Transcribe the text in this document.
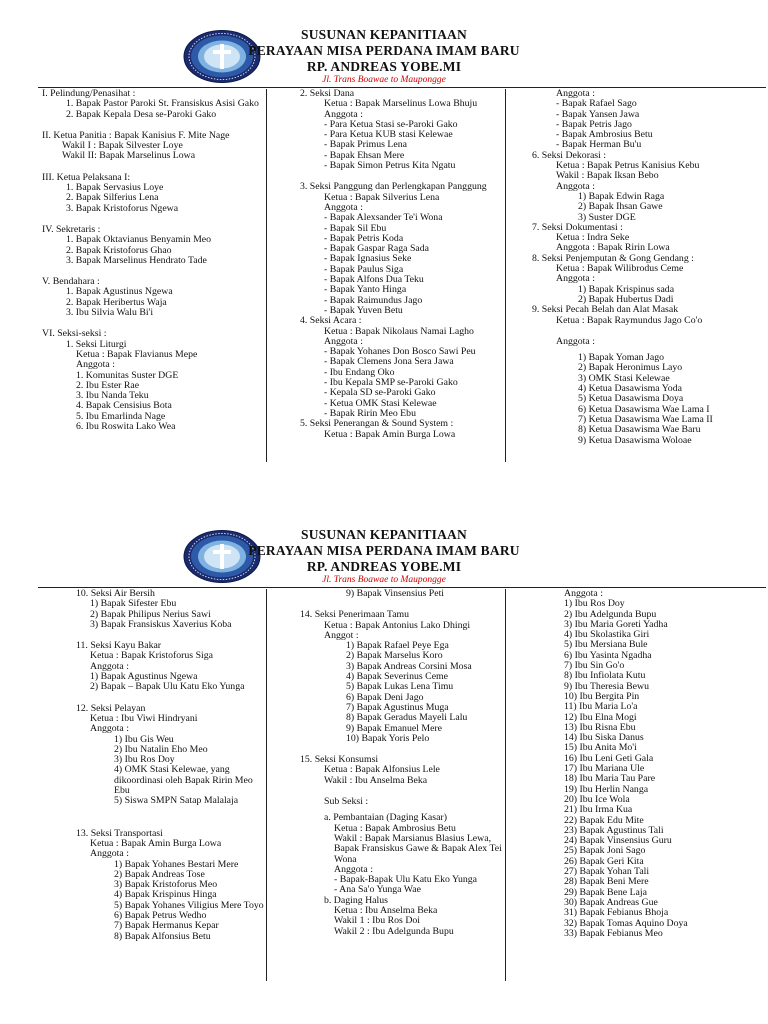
SUSUNAN KEPANITIAAN
PERAYAAN MISA PERDANA IMAM BARU
RP. ANDREAS YOBE.MI
Jl. Trans Boawae to Maupongge
I. Pelindung/Penasihat :
1. Bapak Pastor Paroki St. Fransiskus Asisi Gako
2. Bapak Kepala Desa se-Paroki Gako
II. Ketua Panitia : Bapak Kanisius F. Mite Nage
Wakil I : Bapak Silvester Loye
Wakil II: Bapak Marselinus Lowa
III. Ketua Pelaksana I:
1. Bapak Servasius Loye
2. Bapak Silferius Lena
3. Bapak Kristoforus Ngewa
IV. Sekretaris :
1. Bapak Oktavianus Benyamin Meo
2. Bapak Kristoforus Ghao
3. Bapak Marselinus Hendrato Tade
V. Bendahara :
1. Bapak Agustinus Ngewa
2. Bapak Heribertus Waja
3. Ibu Silvia Walu Bi'i
VI. Seksi-seksi :
1. Seksi Liturgi
Ketua : Bapak Flavianus Mepe
Anggota :
1. Komunitas Suster DGE
2. Ibu Ester Rae
3. Ibu Nanda Teku
4. Bapak Censisius Bota
5. Ibu Emarlinda Nage
6. Ibu Roswita Lako Wea
2. Seksi Dana
Ketua : Bapak Marselinus Lowa Bhuju
Anggota :
- Para Ketua Stasi se-Paroki Gako
- Para Ketua KUB stasi Kelewae
- Bapak Primus Lena
- Bapak Ehsan Mere
- Bapak Simon Petrus Kita Ngatu
3. Seksi Panggung dan Perlengkapan Panggung
Ketua : Bapak Silverius Lena
Anggota :
- Bapak Alexsander Te'i Wona
- Bapak Sil Ebu
- Bapak Petris Koda
- Bapak Gaspar Raga Sada
- Bapak Ignasius Seke
- Bapak Paulus Siga
- Bapak Alfons Dua Teku
- Bapak Yanto Hinga
- Bapak Raimundus Jago
- Bapak Yuven Betu
4. Seksi Acara :
Ketua : Bapak Nikolaus Namai Lagho
Anggota :
- Bapak Yohanes Don Bosco Sawi Peu
- Bapak Clemens Jona Sera Jawa
- Ibu Endang Oko
- Ibu Kepala SMP se-Paroki Gako
- Kepala SD se-Paroki Gako
- Ketua OMK Stasi Kelewae
- Bapak Ririn Meo Ebu
5. Seksi Penerangan & Sound System :
Ketua : Bapak Amin Burga Lowa
Anggota :
- Bapak Rafael Sago
- Bapak Yansen Jawa
- Bapak Petris Jago
- Bapak Ambrosius Betu
- Bapak Herman Bu'u
6. Seksi Dekorasi :
Ketua : Bapak Petrus Kanisius Kebu
Wakil : Bapak Iksan Bebo
Anggota :
1) Bapak Edwin Raga
2) Bapak Ihsan Gawe
3) Suster DGE
7. Seksi Dokumentasi :
Ketua : Indra Seke
Anggota : Bapak Ririn Lowa
8. Seksi Penjemputan & Gong Gendang :
Ketua : Bapak Wilibrodus Ceme
Anggota :
1) Bapak Krispinus sada
2) Bapak Hubertus Dadi
9. Seksi Pecah Belah dan Alat Masak
Ketua : Bapak Raymundus Jago Co'o
Anggota :
1) Bapak Yoman Jago
2) Bapak Heronimus Layo
3) OMK Stasi Kelewae
4) Ketua Dasawisma Yoda
5) Ketua Dasawisma Doya
6) Ketua Dasawisma Wae Lama I
7) Ketua Dasawisma Wae Lama II
8) Ketua Dasawisma Wae Baru
9) Ketua Dasawisma Woloae
SUSUNAN KEPANITIAAN
PERAYAAN MISA PERDANA IMAM BARU
RP. ANDREAS YOBE.MI
Jl. Trans Boawae to Maupongge
10. Seksi Air Bersih
1) Bapak Sifester Ebu
2) Bapak Philipus Nerius Sawi
3) Bapak Fransiskus Xaverius Koba
11. Seksi Kayu Bakar
Ketua : Bapak Kristoforus Siga
Anggota :
1) Bapak Agustinus Ngewa
2) Bapak – Bapak Ulu Katu Eko Yunga
12. Seksi Pelayan
Ketua : Ibu Viwi Hindryani
Anggota :
1) Ibu Gis Weu
2) Ibu Natalin Eho Meo
3) Ibu Ros Doy
4) OMK Stasi Kelewae, yang
dikoordinasi oleh Bapak Ririn Meo
Ebu
5) Siswa SMPN Satap Malalaja
13. Seksi Transportasi
Ketua : Bapak Amin Burga Lowa
Anggota :
1) Bapak Yohanes Bestari Mere
2) Bapak Andreas Tose
3) Bapak Kristoforus Meo
4) Bapak Krispinus Hinga
5) Bapak Yohanes Viligius Mere Toyo
6) Bapak Petrus Wedho
7) Bapak Hermanus Kepar
8) Bapak Alfonsius Betu
9) Bapak Vinsensius Peti
14. Seksi Penerimaan Tamu
Ketua : Bapak Antonius Lako Dhingi
Anggot :
1) Bapak Rafael Peye Ega
2) Bapak Marselus Koro
3) Bapak Andreas Corsini Mosa
4) Bapak Severinus Ceme
5) Bapak Lukas Lena Timu
6) Bapak Deni Jago
7) Bapak Agustinus Muga
8) Bapak Geradus Mayeli Lalu
9) Bapak Emanuel Mere
10) Bapak Yoris Pelo
15. Seksi Konsumsi
Ketua : Bapak Alfonsius Lele
Wakil : Ibu Anselma Beka
Sub Seksi :
a. Pembantaian (Daging Kasar)
Ketua : Bapak Ambrosius Betu
Wakil : Bapak Marsianus Blasius Lewa,
Bapak Fransiskus Gawe & Bapak Alex Tei
Wona
Anggota :
- Bapak-Bapak Ulu Katu Eko Yunga
- Ana Sa'o Yunga Wae
b. Daging Halus
Ketua : Ibu Anselma Beka
Wakil 1 : Ibu Ros Doi
Wakil 2 : Ibu Adelgunda Bupu
Anggota :
1) Ibu Ros Doy
2) Ibu Adelgunda Bupu
3) Ibu Maria Goreti Yadha
4) Ibu Skolastika Giri
5) Ibu Mersiana Bule
6) Ibu Yasinta Ngadha
7) Ibu Sin Go'o
8) Ibu Infiolata Kutu
9) Ibu Theresia Bewu
10) Ibu Bergita Pin
11) Ibu Maria Lo'a
12) Ibu Elna Mogi
13) Ibu Risna Ebu
14) Ibu Siska Danus
15) Ibu Anita Mo'i
16) Ibu Leni Geti Gala
17) Ibu Mariana Ule
18) Ibu Maria Tau Pare
19) Ibu Herlin Nanga
20) Ibu Ice Wola
21) Ibu Irma Kua
22) Bapak Edu Mite
23) Bapak Agustinus Tali
24) Bapak Vinsensius Guru
25) Bapak Joni Sago
26) Bapak Geri Kita
27) Bapak Yohan Tali
28) Bapak Beni Mere
29) Bapak Bene Laja
30) Bapak Andreas Gue
31) Bapak Febianus Bhoja
32) Bapak Tomas Aquino Doya
33) Bapak Febianus Meo
